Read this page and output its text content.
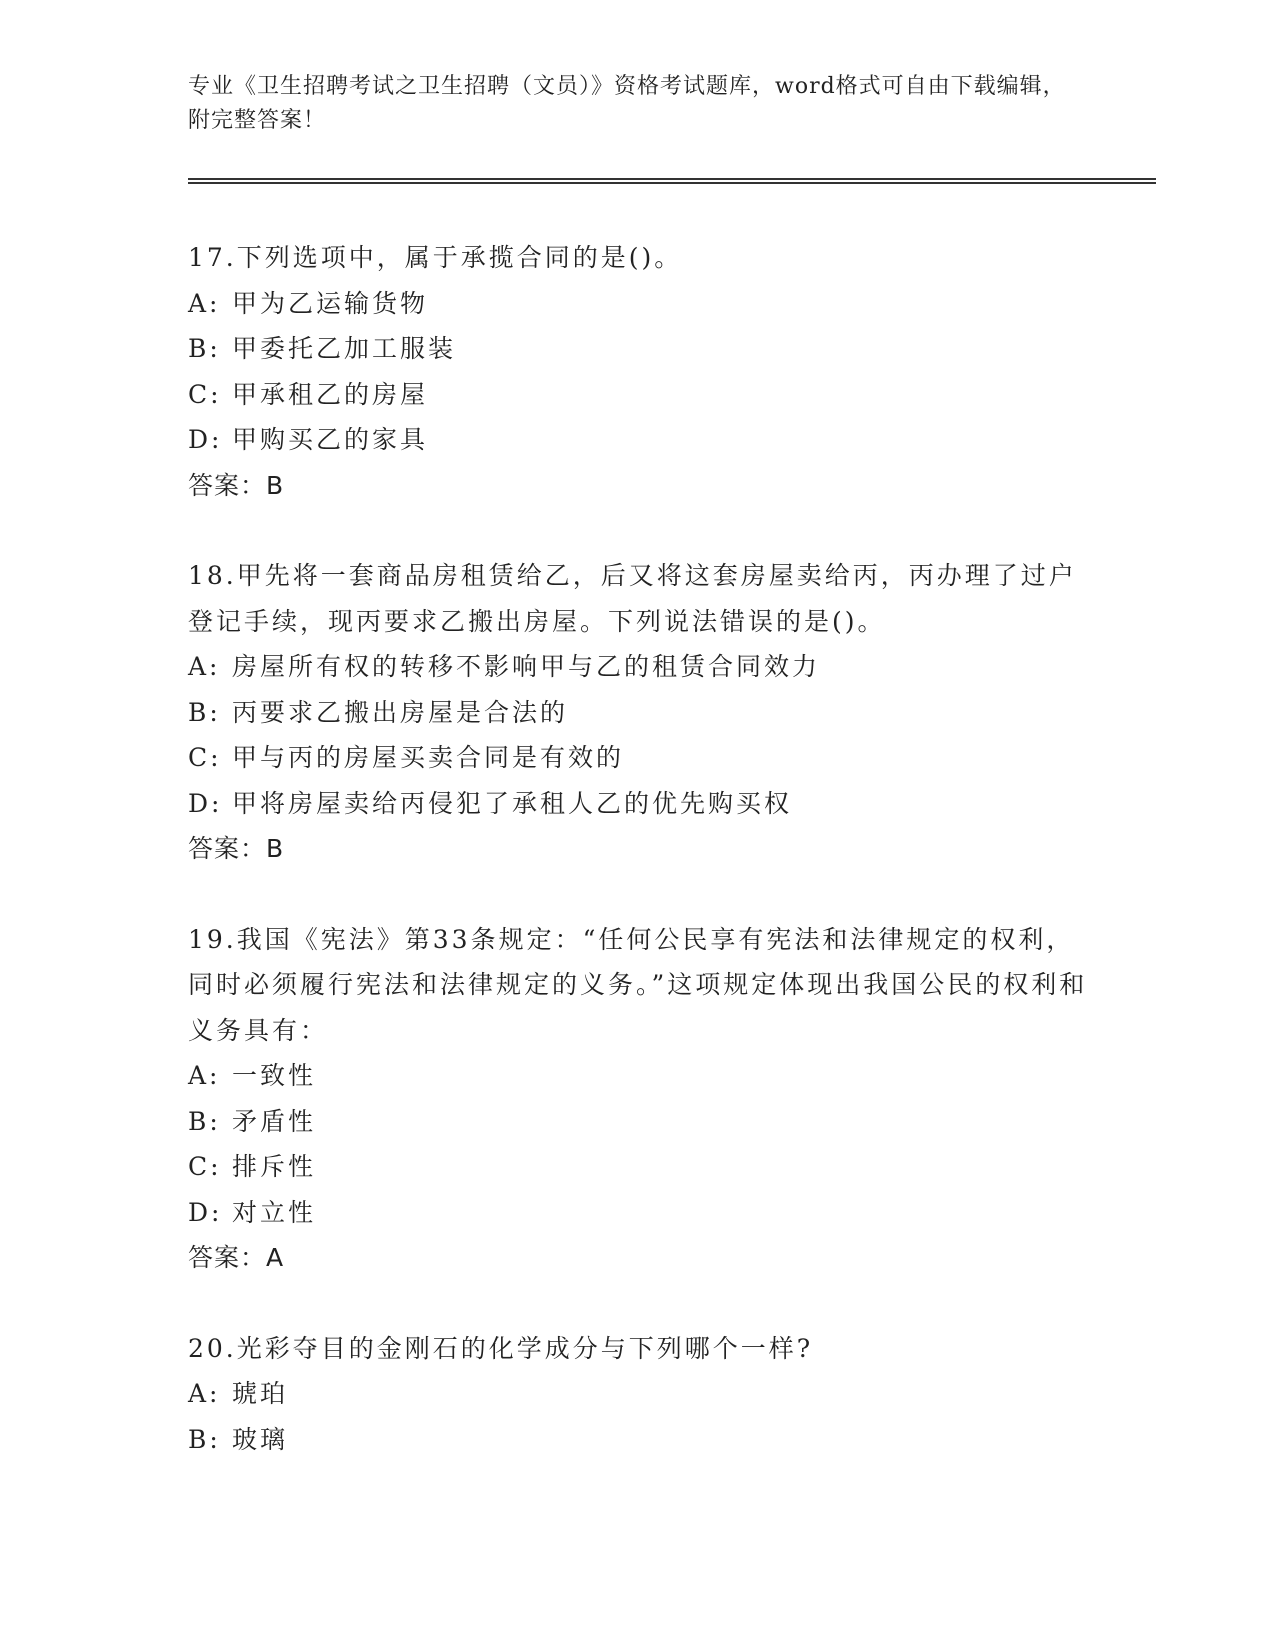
专业《卫生招聘考试之卫生招聘（文员）》资格考试题库，word格式可自由下载编辑，附完整答案！

17.下列选项中，属于承揽合同的是()。

A: 甲为乙运输货物
B: 甲委托乙加工服装
C: 甲承租乙的房屋
D: 甲购买乙的家具

答案：B

18.甲先将一套商品房租赁给乙，后又将这套房屋卖给丙，丙办理了过户登记手续，现丙要求乙搬出房屋。下列说法错误的是()。

A: 房屋所有权的转移不影响甲与乙的租赁合同效力
B: 丙要求乙搬出房屋是合法的
C: 甲与丙的房屋买卖合同是有效的
D: 甲将房屋卖给丙侵犯了承租人乙的优先购买权

答案：B

19.我国《宪法》第33条规定：“任何公民享有宪法和法律规定的权利，同时必须履行宪法和法律规定的义务。”这项规定体现出我国公民的权利和义务具有：

A: 一致性
B: 矛盾性
C: 排斥性
D: 对立性

答案：A

20.光彩夺目的金刚石的化学成分与下列哪个一样?

A: 琥珀
B: 玻璃
